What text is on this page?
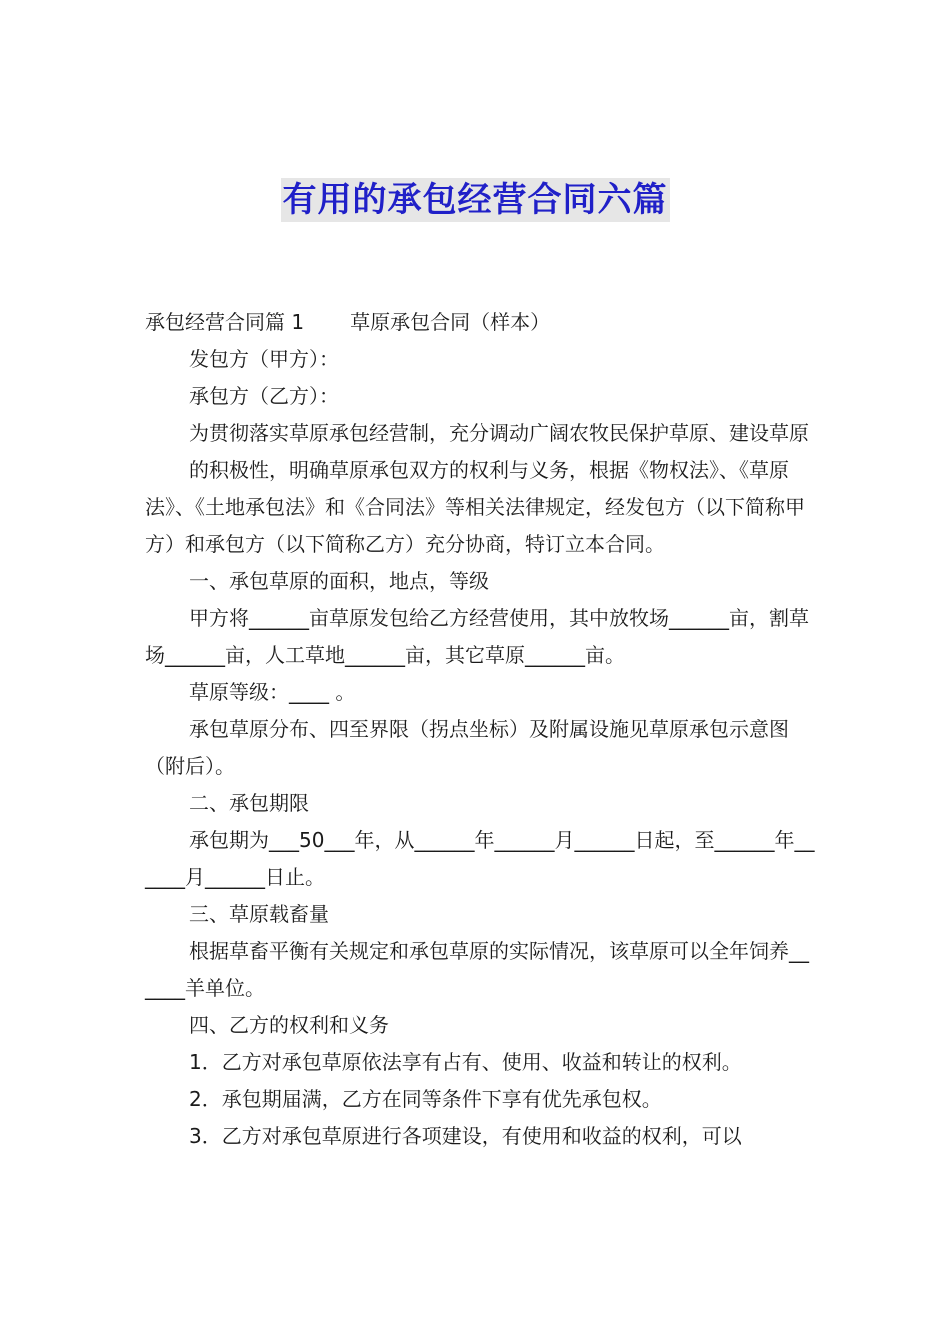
有用的承包经营合同六篇

承包经营合同篇 1 草原承包合同（样本）

发包方（甲方）：

承包方（乙方）：

为贯彻落实草原承包经营制，充分调动广阔农牧民保护草原、建设草原

的积极性，明确草原承包双方的权利与义务，根据《物权法》、《草原法》、《土地承包法》和《合同法》等相关法律规定，经发包方（以下简称甲方）和承包方（以下简称乙方）充分协商，特订立本合同。

一、承包草原的面积，地点，等级

甲方将______亩草原发包给乙方经营使用，其中放牧场______亩，割草场______亩，人工草地______亩，其它草原______亩。

草原等级：____ 。

承包草原分布、四至界限（拐点坐标）及附属设施见草原承包示意图（附后）。

二、承包期限

承包期为___50___年，从______年______月______日起，至______年______月______日止。

三、草原载畜量

根据草畜平衡有关规定和承包草原的实际情况，该草原可以全年饲养______羊单位。

四、乙方的权利和义务

1．乙方对承包草原依法享有占有、使用、收益和转让的权利。

2．承包期届满，乙方在同等条件下享有优先承包权。

3．乙方对承包草原进行各项建设，有使用和收益的权利，可以
